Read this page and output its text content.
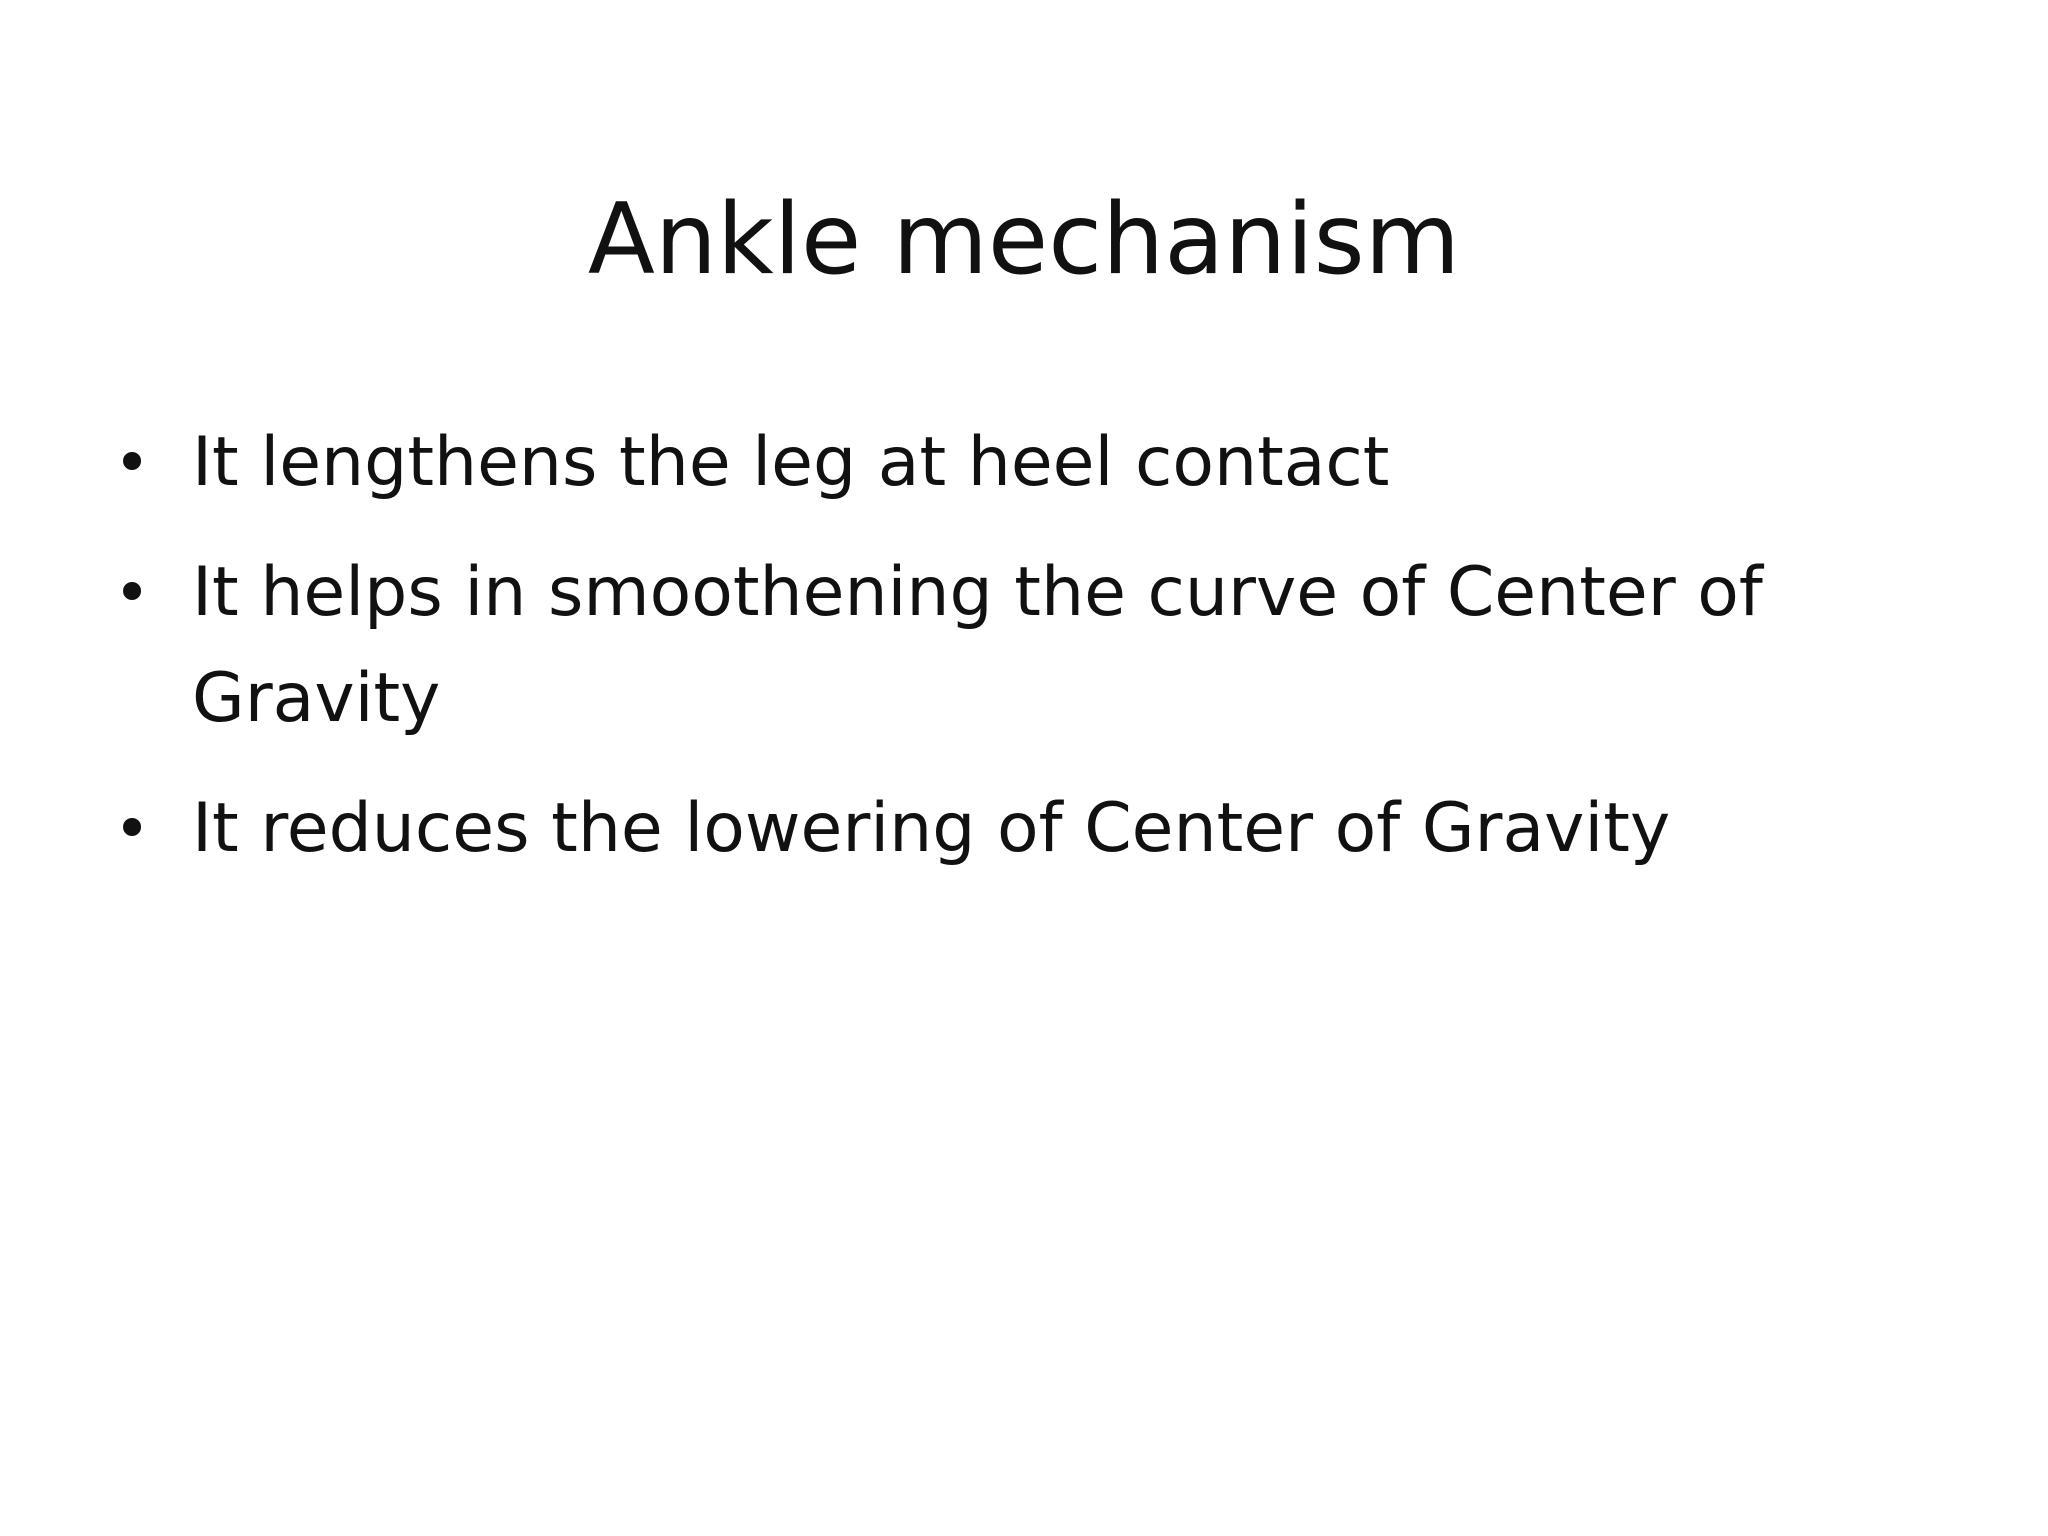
Ankle mechanism
• It lengthens the leg at heel contact
• It helps in smoothening the curve of Center of Gravity
• It reduces the lowering of Center of Gravity
